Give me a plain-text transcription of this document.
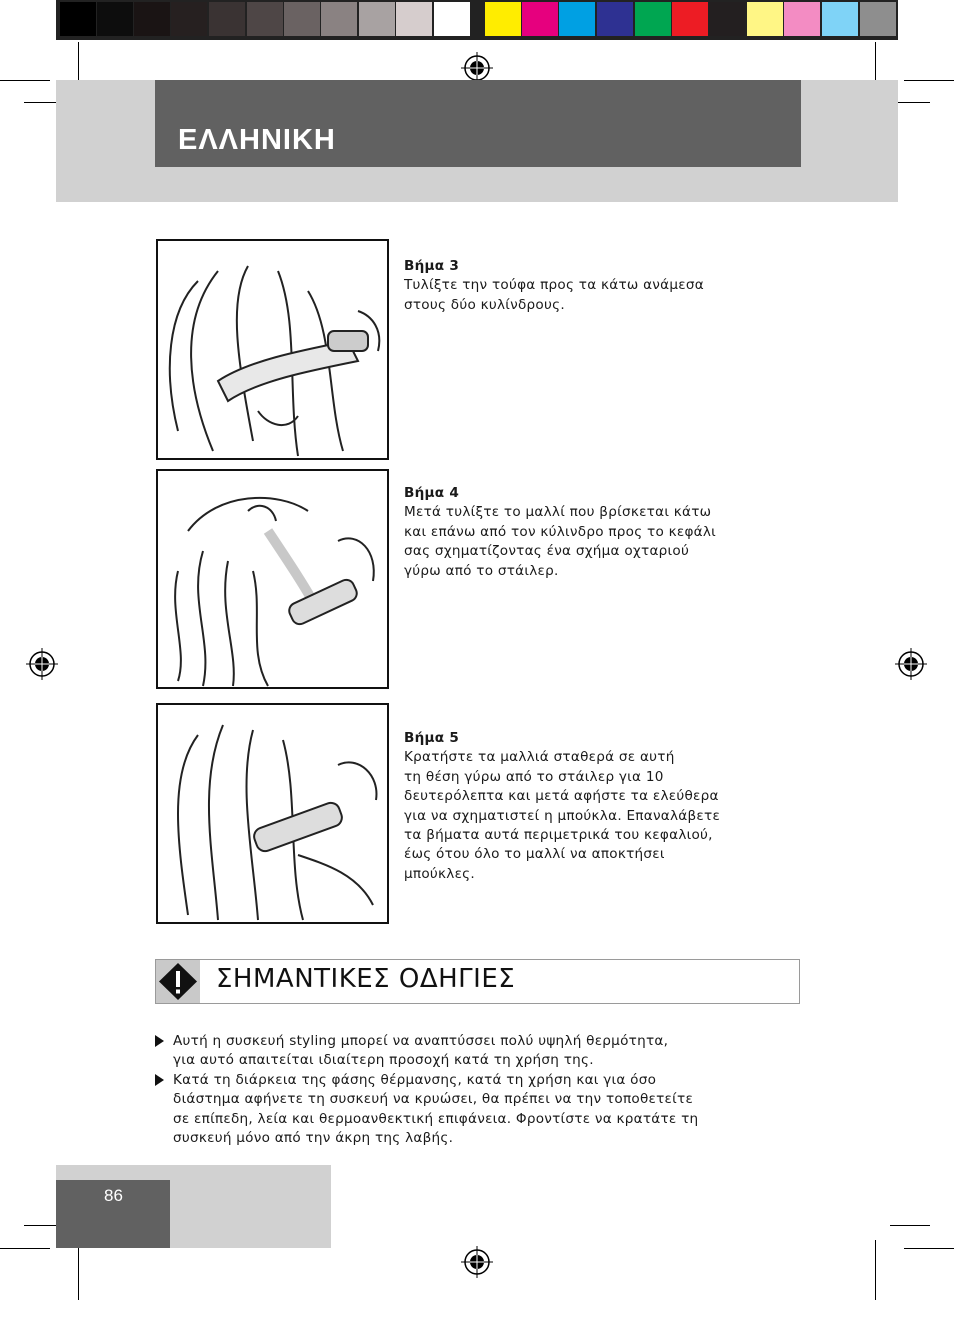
ΕΛΛΗΝΙΚΗ
Βήμα 3
Τυλίξτε την τούφα προς τα κάτω ανάμεσα
στους δύο κυλίνδρους.
Βήμα 4
Μετά τυλίξτε το μαλλί που βρίσκεται κάτω
και επάνω από τον κύλινδρο προς το κεφάλι
σας σχηματίζοντας ένα σχήμα οχταριού
γύρω από το στάιλερ.
Βήμα 5
Κρατήστε τα μαλλιά σταθερά σε αυτή
τη θέση γύρω από το στάιλερ για 10
δευτερόλεπτα και μετά αφήστε τα ελεύθερα
για να σχηματιστεί η μπούκλα. Επαναλάβετε
τα βήματα αυτά περιμετρικά του κεφαλιού,
έως ότου όλο το μαλλί να αποκτήσει
μπούκλες.
ΣΗΜΑΝΤΙΚΕΣ ΟΔΗΓΙΕΣ
Αυτή η συσκευή styling μπορεί να αναπτύσσει πολύ υψηλή θερμότητα,
για αυτό απαιτείται ιδιαίτερη προσοχή κατά τη χρήση της.
Κατά τη διάρκεια της φάσης θέρμανσης, κατά τη χρήση και για όσο
διάστημα αφήνετε τη συσκευή να κρυώσει, θα πρέπει να την τοποθετείτε
σε επίπεδη, λεία και θερμοανθεκτική επιφάνεια. Φροντίστε να κρατάτε τη
συσκευή μόνο από την άκρη της λαβής.
86
